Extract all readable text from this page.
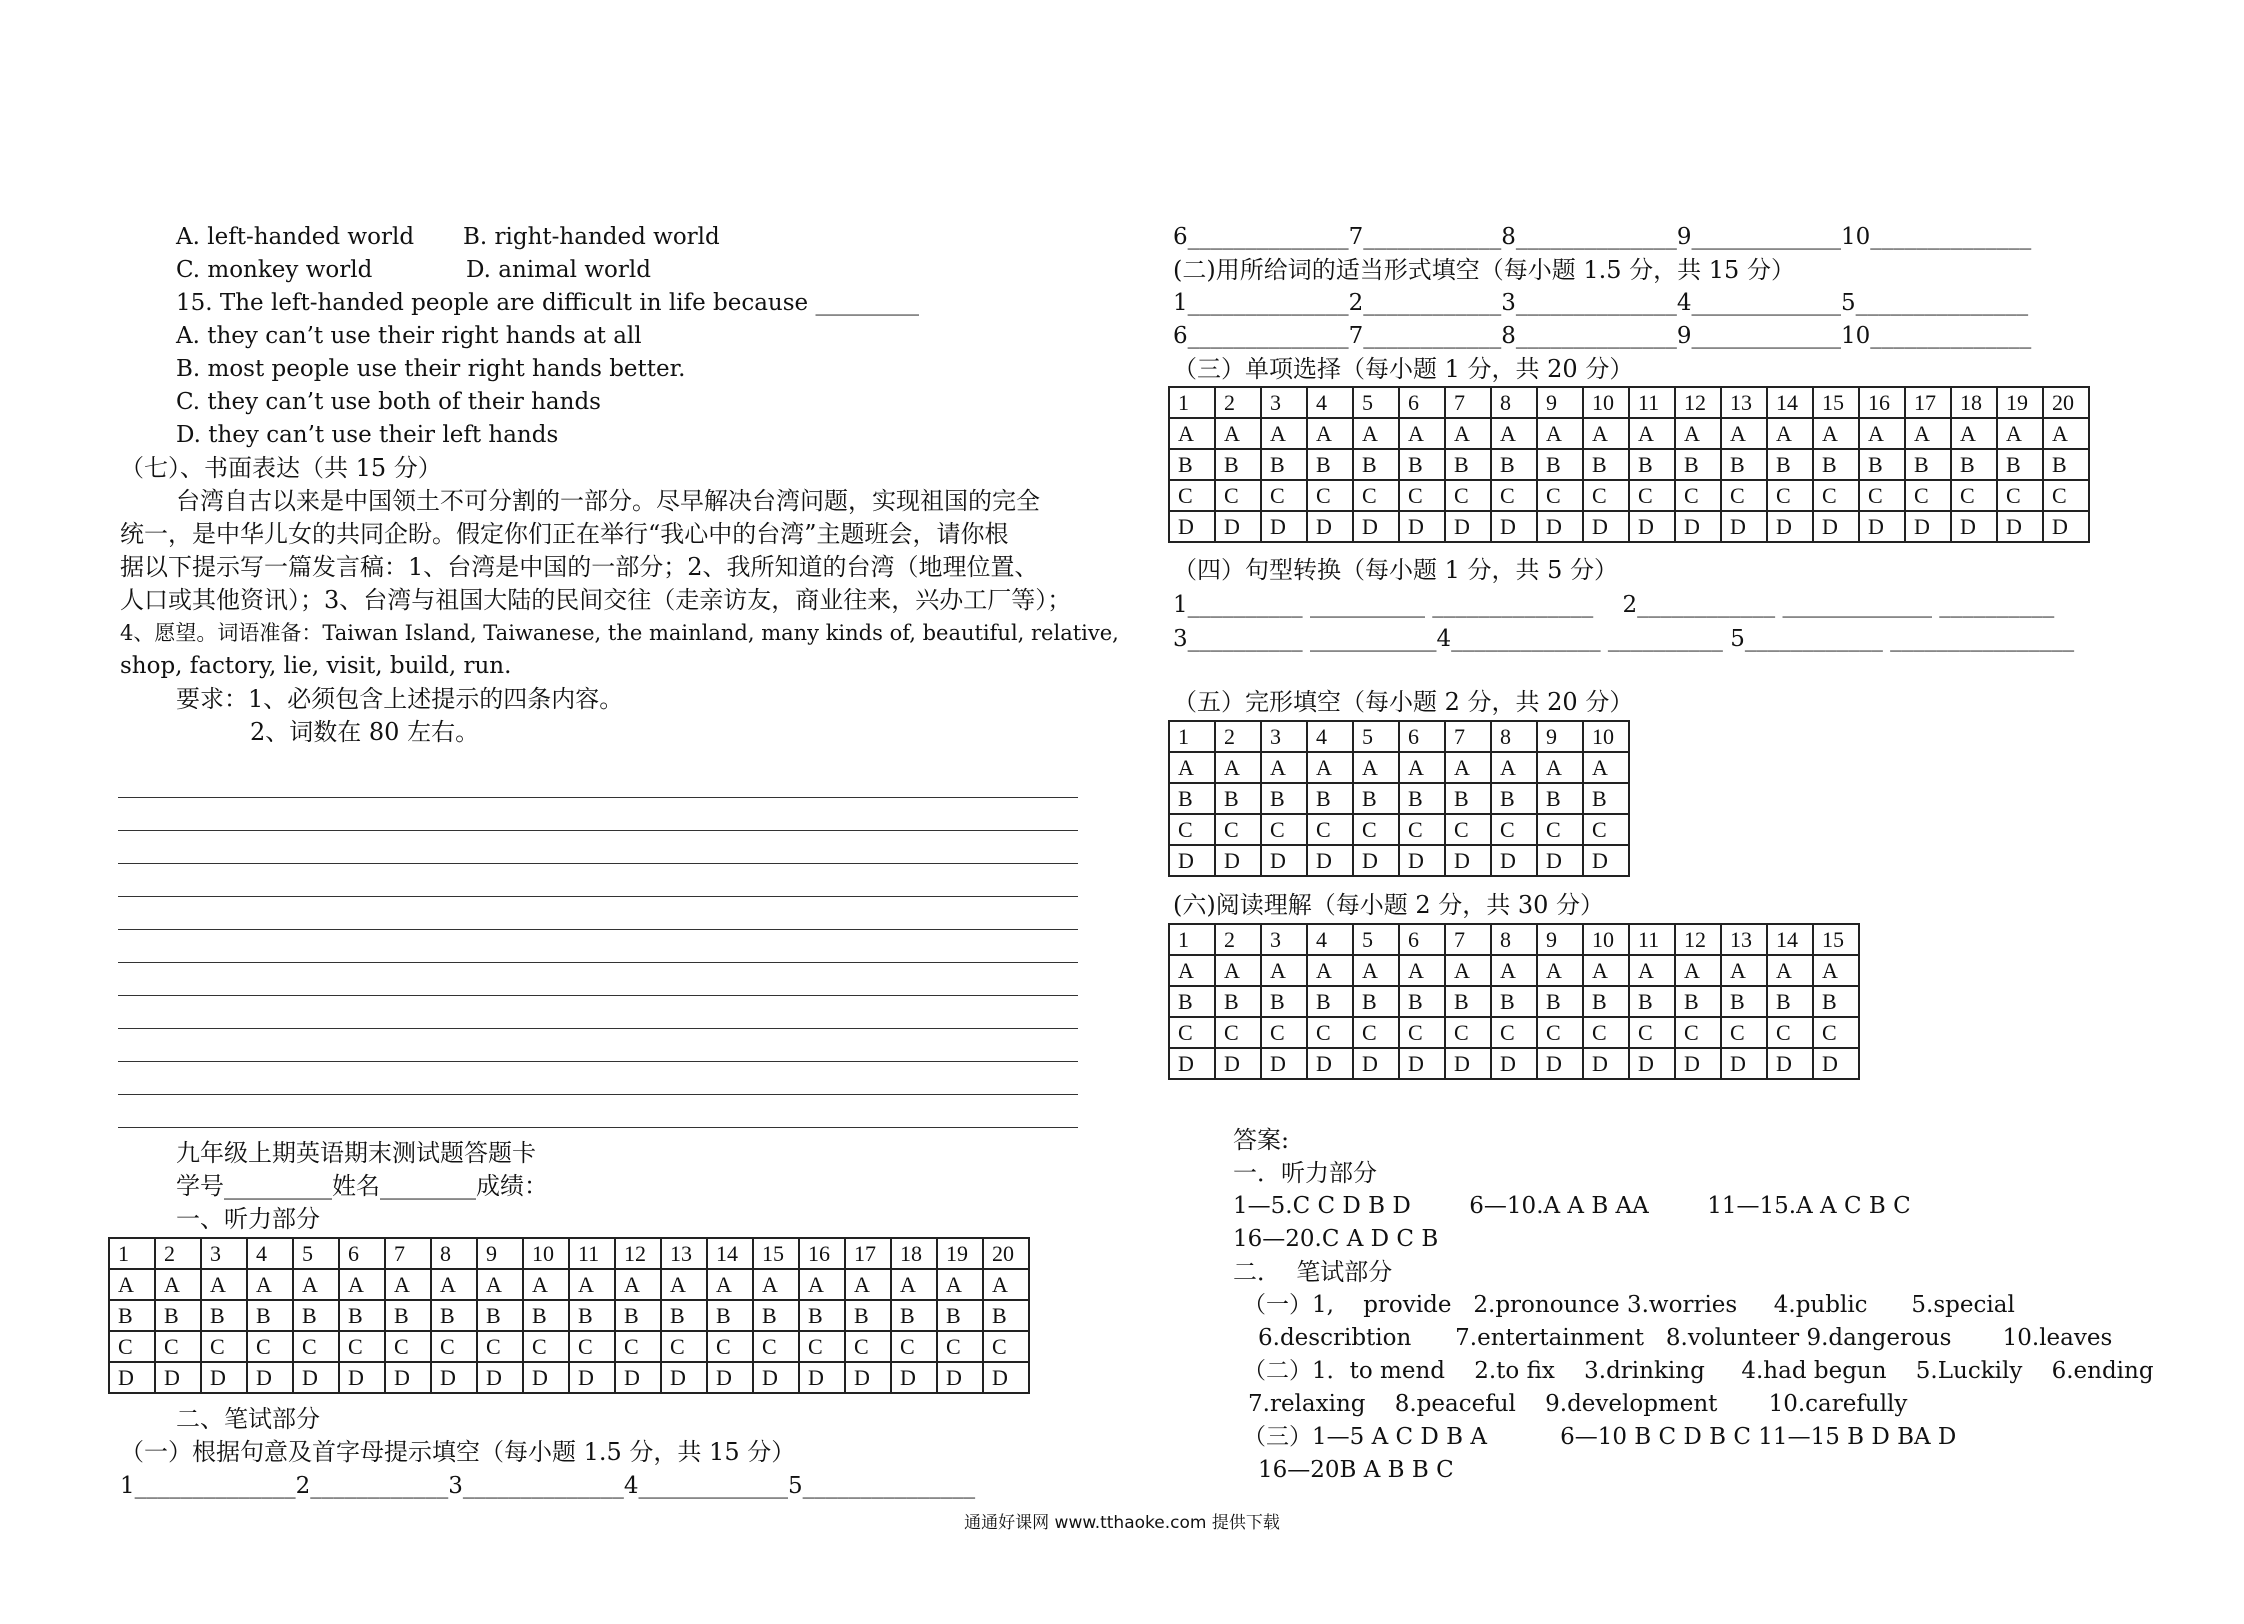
A. left-handed world B. right-handed world
C. monkey world	D. animal world
15. The left-handed people are difficult in life because _________
A. they can’t use their right hands at all
B. most people use their right hands better.
C. they can’t use both of their hands
D. they can’t use their left hands
（七）、书面表达（共 15 分）
台湾自古以来是中国领土不可分割的一部分。尽早解决台湾问题，实现祖国的完全
统一，是中华儿女的共同企盼。假定你们正在举行“我心中的台湾”主题班会，请你根
据以下提示写一篇发言稿：1、台湾是中国的一部分；2、我所知道的台湾（地理位置、
人口或其他资讯）；3、台湾与祖国大陆的民间交往（走亲访友，商业往来，兴办工厂等）；
4、愿望。词语准备：Taiwan Island, Taiwanese, the mainland, many kinds of, beautiful, relative,
shop, factory, lie, visit, build, run.
要求：1、必须包含上述提示的四条内容。
2、词数在 80 左右。
九年级上期英语期末测试题答题卡
学号_________姓名________成绩：
一、听力部分
1	2	3	4	5	6	7	8	9	10	11	12	13	14	15	16	17	18	19	20
A	A	A	A	A	A	A	A	A	A	A	A	A	A	A	A	A	A	A	A
B	B	B	B	B	B	B	B	B	B	B	B	B	B	B	B	B	B	B	B
C	C	C	C	C	C	C	C	C	C	C	C	C	C	C	C	C	C	C	C
D	D	D	D	D	D	D	D	D	D	D	D	D	D	D	D	D	D	D	D
二、笔试部分
（一）根据句意及首字母提示填空（每小题 1.5 分，共 15 分）
1______________2____________3______________4_____________5_______________
6______________7____________8______________9_____________10______________
(二)用所给词的适当形式填空（每小题 1.5 分，共 15 分）
1______________2____________3______________4_____________5_______________
6______________7____________8______________9_____________10______________
（三）单项选择（每小题 1 分，共 20 分）
1	2	3	4	5	6	7	8	9	10	11	12	13	14	15	16	17	18	19	20
A	A	A	A	A	A	A	A	A	A	A	A	A	A	A	A	A	A	A	A
B	B	B	B	B	B	B	B	B	B	B	B	B	B	B	B	B	B	B	B
C	C	C	C	C	C	C	C	C	C	C	C	C	C	C	C	C	C	C	C
D	D	D	D	D	D	D	D	D	D	D	D	D	D	D	D	D	D	D	D
（四）句型转换（每小题 1 分，共 5 分）
1__________ __________ ______________    2____________ _____________ __________
3__________ ___________4_____________ __________ 5____________ ________________
（五）完形填空（每小题 2 分，共 20 分）
1	2	3	4	5	6	7	8	9	10
A	A	A	A	A	A	A	A	A	A
B	B	B	B	B	B	B	B	B	B
C	C	C	C	C	C	C	C	C	C
D	D	D	D	D	D	D	D	D	D
(六)阅读理解（每小题 2 分，共 30 分）
1	2	3	4	5	6	7	8	9	10	11	12	13	14	15
A	A	A	A	A	A	A	A	A	A	A	A	A	A	A
B	B	B	B	B	B	B	B	B	B	B	B	B	B	B
C	C	C	C	C	C	C	C	C	C	C	C	C	C	C
D	D	D	D	D	D	D	D	D	D	D	D	D	D	D
答案:
一．听力部分
1—5.C C D B D        6—10.A A B AA        11—15.A A C B C
16—20.C A D C B
二．  笔试部分
（一）1,    provide   2.pronounce 3.worries     4.public      5.special
6.describtion      7.entertainment   8.volunteer 9.dangerous       10.leaves
（二）1．to mend    2.to fix    3.drinking     4.had begun    5.Luckily    6.ending
7.relaxing    8.peaceful    9.development       10.carefully
（三）1—5 A C D B A          6—10 B C D B C 11—15 B D BA D
16—20B A B B C
通通好课网 www.tthaoke.com 提供下载
